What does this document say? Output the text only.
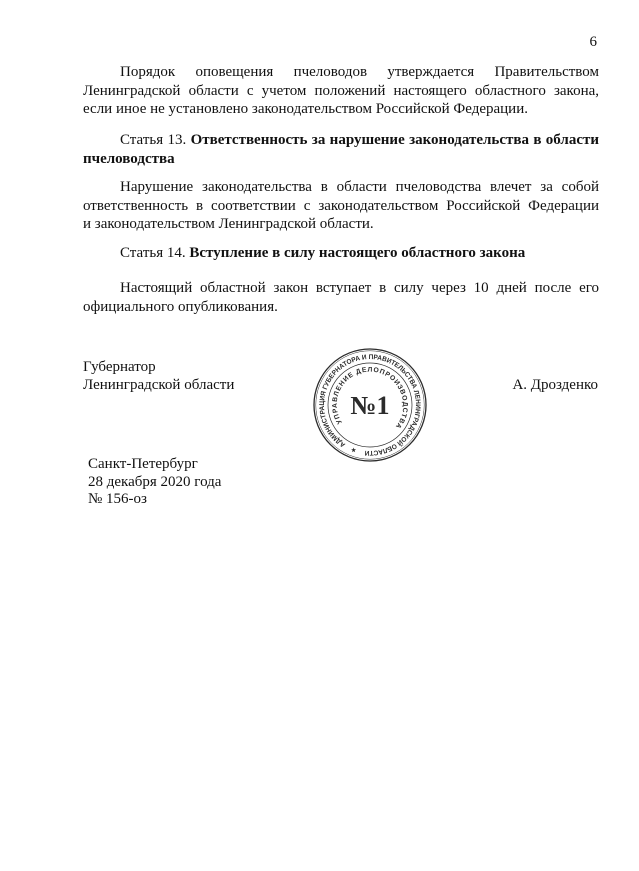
6
Порядок оповещения пчеловодов утверждается Правительством
Ленинградской области с учетом положений настоящего областного закона,
если иное не установлено законодательством Российской Федерации.
Статья 13. Ответственность за нарушение законодательства в области
пчеловодства
Нарушение законодательства в области пчеловодства влечет за собой
ответственность в соответствии с законодательством Российской Федерации
и законодательством Ленинградской области.
Статья 14. Вступление в силу настоящего областного закона
Настоящий областной закон вступает в силу через 10 дней после его
официального опубликования.
Губернатор
Ленинградской области	А. Дрозденко
АДМИНИСТРАЦИЯ ГУБЕРНАТОРА И ПРАВИТЕЛЬСТВА ЛЕНИНГРАДСКОЙ ОБЛАСТИ
УПРАВЛЕНИЕ ДЕЛОПРОИЗВОДСТВА
№1
Санкт-Петербург
28 декабря 2020 года
№ 156-оз
